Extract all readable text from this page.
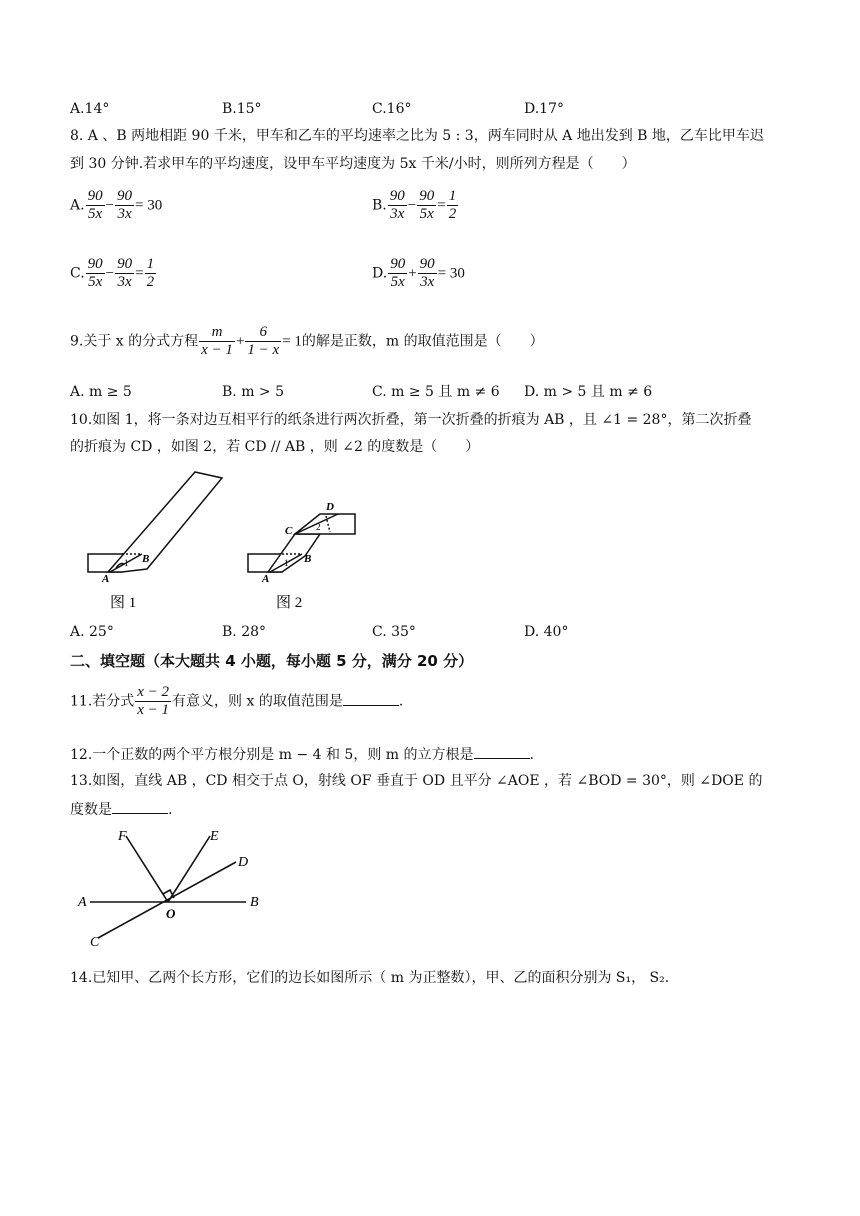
A.14°	B.15°	C.16°	D.17°
8. A 、B 两地相距 90 千米，甲车和乙车的平均速率之比为 5 : 3，两车同时从 A 地出发到 B 地，乙车比甲车迟
到 30 分钟.若求甲车的平均速度，设甲车平均速度为 5x 千米/小时，则所列方程是（　　）
A. $\frac{90}{5x} - \frac{90}{3x} = 30$	B. $\frac{90}{3x} - \frac{90}{5x} = \frac{1}{2}$
C. $\frac{90}{5x} - \frac{90}{3x} = \frac{1}{2}$	D. $\frac{90}{5x} + \frac{90}{3x} = 30$
9.关于 x 的分式方程 $\frac{m}{x - 1} + \frac{6}{1 - x} = 1$的解是正数，m 的取值范围是（　　）
A. m ≥ 5	B. m > 5	C. m ≥ 5 且 m ≠ 6 D. m > 5 且 m ≠ 6
10.如图 1，将一条对边互相平行的纸条进行两次折叠，第一次折叠的折痕为 AB ，且 ∠1 = 28°，第二次折叠
的折痕为 CD ，如图 2，若 CD // AB ，则 ∠2 的度数是（　　）
A
B
1
图 1
A
B
C
D
1
2
图 2
A. 25°	B. 28°	C. 35°	D. 40°
二、填空题（本大题共 4 小题，每小题 5 分，满分 20 分）
11.若分式 $\frac{x - 2}{x - 1}$ 有意义，则 x 的取值范围是	.
12.一个正数的两个平方根分别是 m − 4 和 5，则 m 的立方根是	.
13.如图，直线 AB ，CD 相交于点 O，射线 OF 垂直于 OD 且平分 ∠AOE ，若 ∠BOD = 30°，则 ∠DOE 的
度数是	.
A	B
C
D
E
F
O
14.已知甲、乙两个长方形，它们的边长如图所示（ m 为正整数），甲、乙的面积分别为 S₁， S₂.
